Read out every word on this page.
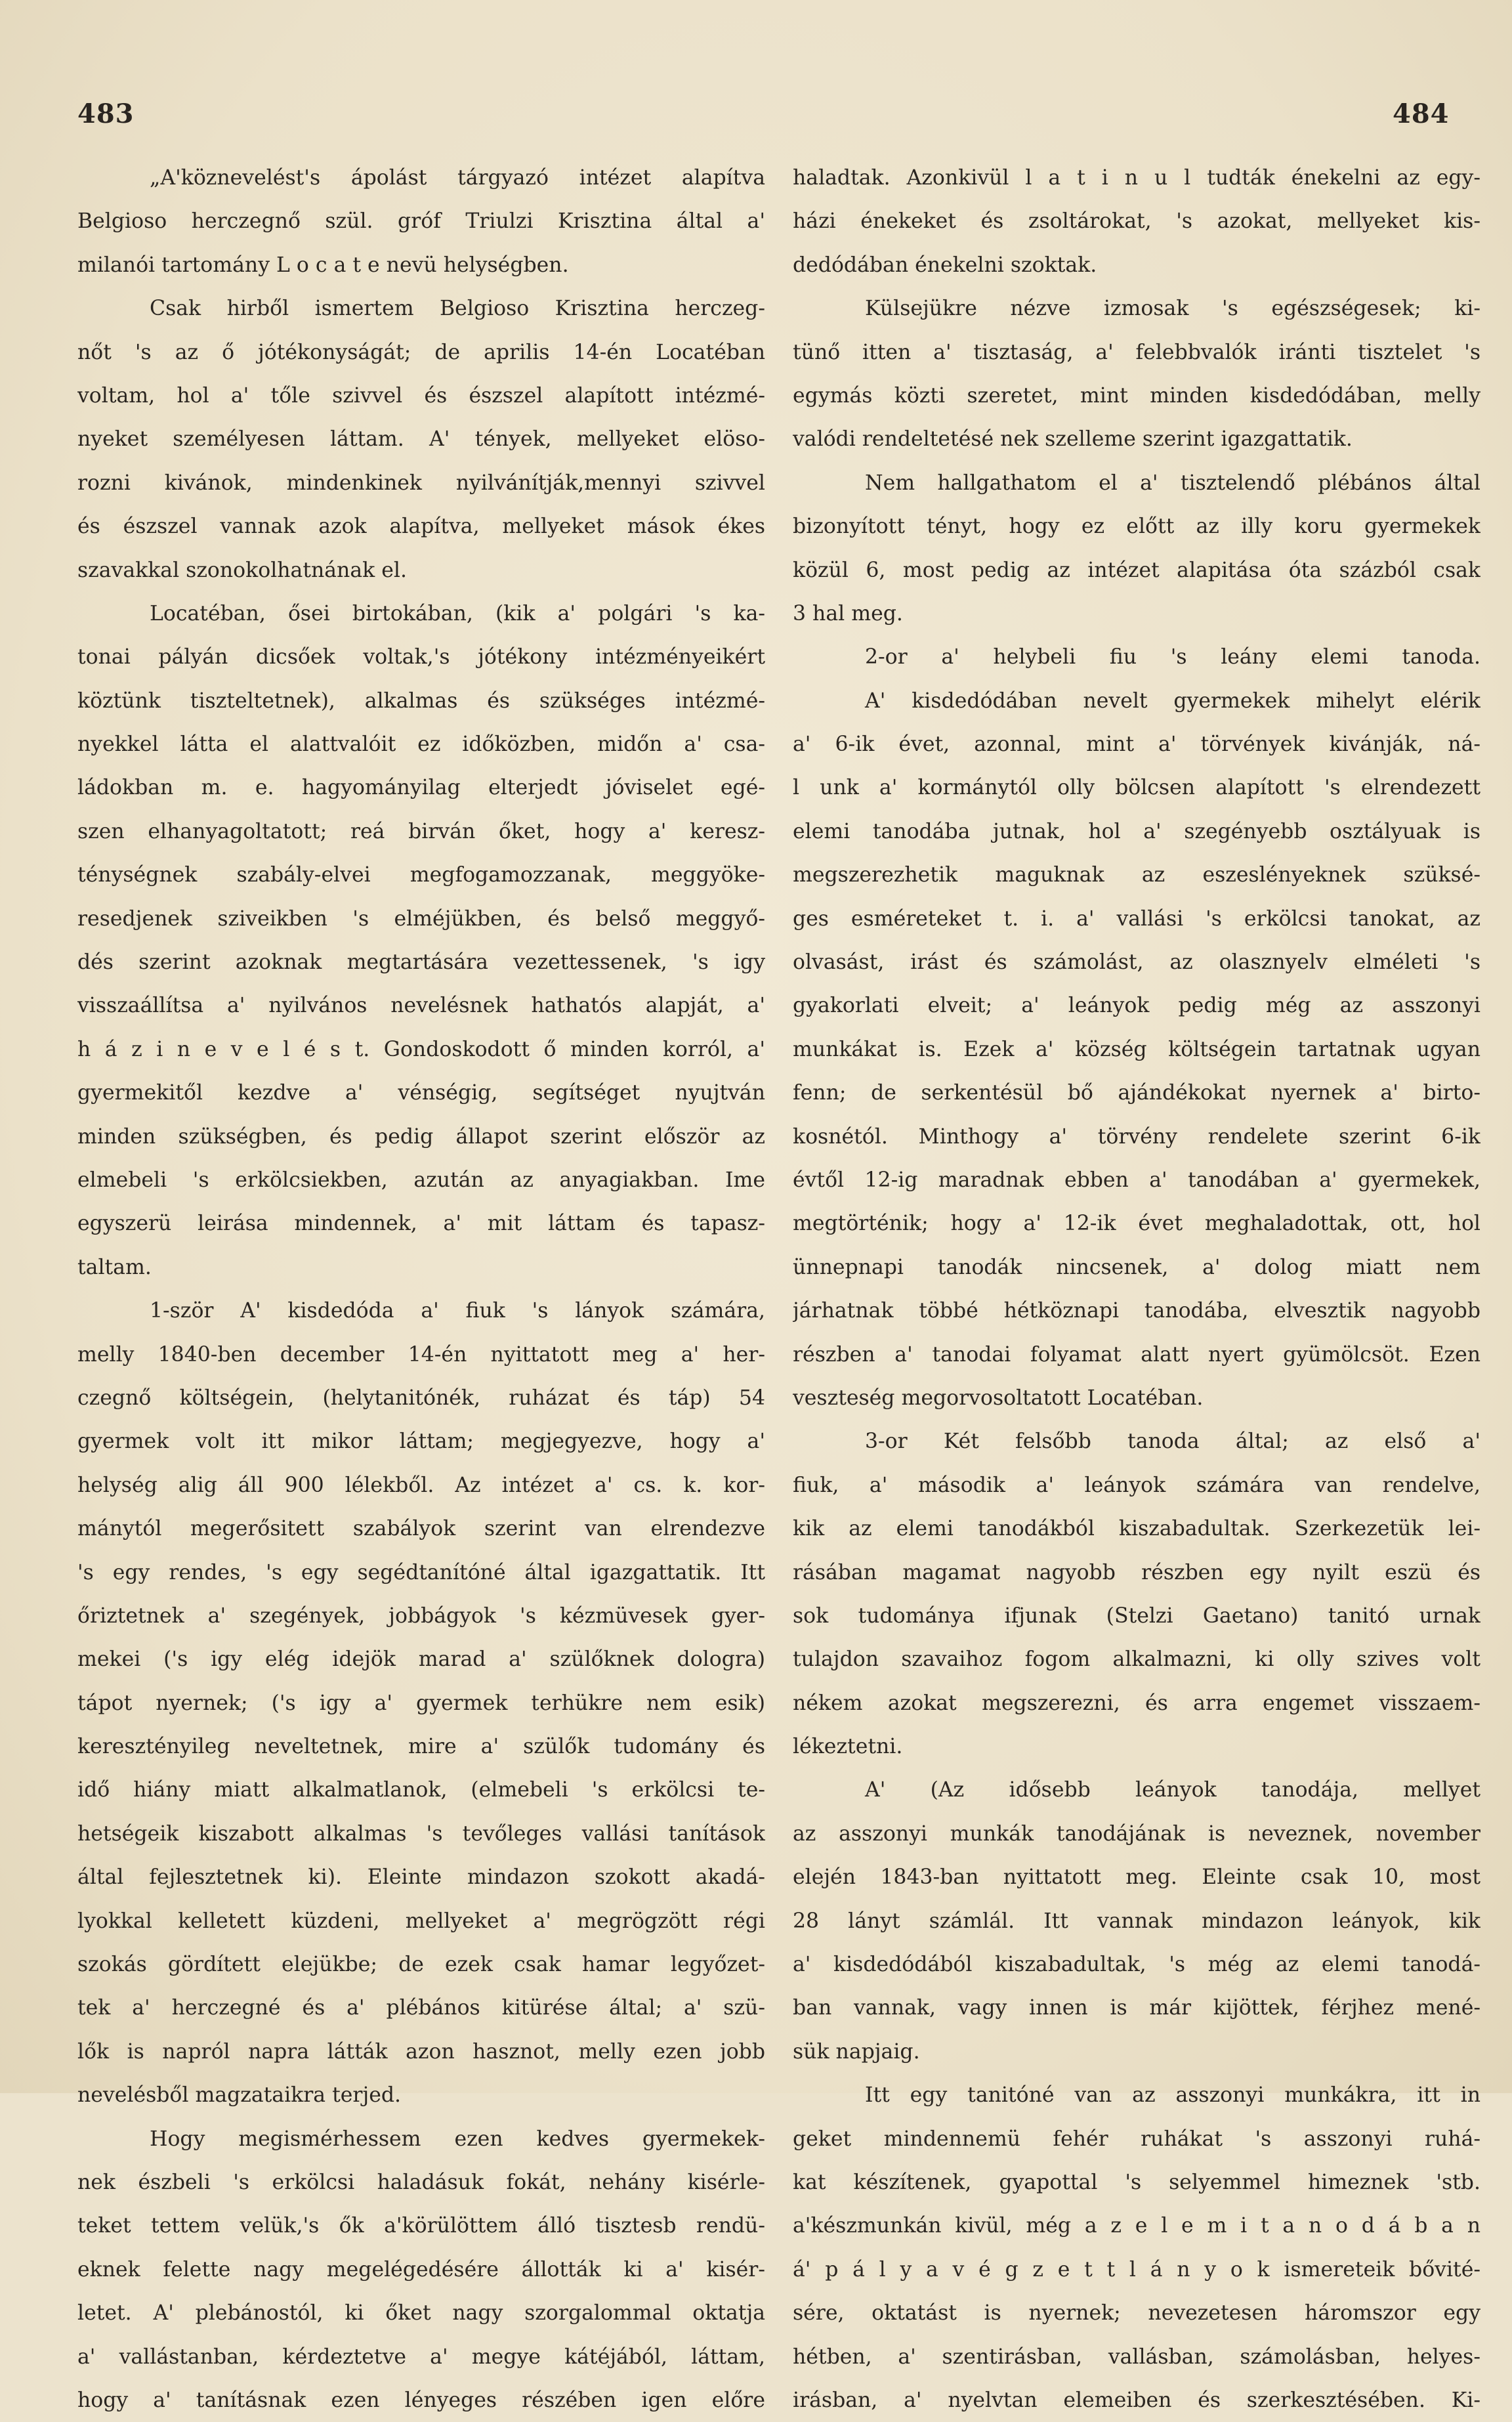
483	484
„A'köznevelést's ápolást tárgyazó intézet alapítva
Belgioso herczegnő szül. gróf Triulzi Krisztina által a'
milanói tartomány L o c a t e nevü helységben.
Csak hirből ismertem Belgioso Krisztina herczeg-
nőt 's az ő jótékonyságát; de aprilis 14-én Locatéban
voltam, hol a' tőle szivvel és észszel alapított intézmé-
nyeket személyesen láttam. A' tények, mellyeket elöso-
rozni kivánok, mindenkinek nyilvánítják,mennyi szivvel
és észszel vannak azok alapítva, mellyeket mások ékes
szavakkal szonokolhatnának el.
Locatéban, ősei birtokában, (kik a' polgári 's ka-
tonai pályán dicsőek voltak,'s jótékony intézményeikért
köztünk tiszteltetnek), alkalmas és szükséges intézmé-
nyekkel látta el alattvalóit ez időközben, midőn a' csa-
ládokban m. e. hagyományilag elterjedt jóviselet egé-
szen elhanyagoltatott; reá birván őket, hogy a' keresz-
ténységnek szabály-elvei megfogamozzanak, meggyöke-
resedjenek sziveikben 's elméjükben, és belső meggyő-
dés szerint azoknak megtartására vezettessenek, 's igy
visszaállítsa a' nyilvános nevelésnek hathatós alapját, a'
h á z i n e v e l é s t. Gondoskodott ő minden korról, a'
gyermekitől kezdve a' vénségig, segítséget nyujtván
minden szükségben, és pedig állapot szerint először az
elmebeli 's erkölcsiekben, azután az anyagiakban. Ime
egyszerü leirása mindennek, a' mit láttam és tapasz-
taltam.
1-ször A' kisdedóda a' fiuk 's lányok számára,
melly 1840-ben december 14-én nyittatott meg a' her-
czegnő költségein, (helytanitónék, ruházat és táp) 54
gyermek volt itt mikor láttam; megjegyezve, hogy a'
helység alig áll 900 lélekből. Az intézet a' cs. k. kor-
mánytól megerősitett szabályok szerint van elrendezve
's egy rendes, 's egy segédtanítóné által igazgattatik. Itt
őriztetnek a' szegények, jobbágyok 's kézmüvesek gyer-
mekei ('s igy elég idejök marad a' szülőknek dologra)
tápot nyernek; ('s igy a' gyermek terhükre nem esik)
keresztényileg neveltetnek, mire a' szülők tudomány és
idő hiány miatt alkalmatlanok, (elmebeli 's erkölcsi te-
hetségeik kiszabott alkalmas 's tevőleges vallási tanítások
által fejlesztetnek ki). Eleinte mindazon szokott akadá-
lyokkal kelletett küzdeni, mellyeket a' megrögzött régi
szokás gördített elejükbe; de ezek csak hamar legyőzet-
tek a' herczegné és a' plébános kitürése által; a' szü-
lők is napról napra látták azon hasznot, melly ezen jobb
nevelésből magzataikra terjed.
Hogy megismérhessem ezen kedves gyermekek-
nek észbeli 's erkölcsi haladásuk fokát, nehány kisérle-
teket tettem velük,'s ők a'körülöttem álló tisztesb rendü-
eknek felette nagy megelégedésére állották ki a' kisér-
letet. A' plebánostól, ki őket nagy szorgalommal oktatja
a' vallástanban, kérdeztetve a' megye kátéjából, láttam,
hogy a' tanításnak ezen lényeges részében igen előre
haladtak. Azonkivül l a t i n u l tudták énekelni az egy-
házi énekeket és zsoltárokat, 's azokat, mellyeket kis-
dedódában énekelni szoktak.
Külsejükre nézve izmosak 's egészségesek; ki-
tünő itten a' tisztaság, a' felebbvalók iránti tisztelet 's
egymás közti szeretet, mint minden kisdedódában, melly
valódi rendeltetésé nek szelleme szerint igazgattatik.
Nem hallgathatom el a' tisztelendő plébános által
bizonyított tényt, hogy ez előtt az illy koru gyermekek
közül 6, most pedig az intézet alapitása óta százból csak
3 hal meg.
2-or a' helybeli fiu 's leány elemi tanoda.
A' kisdedódában nevelt gyermekek mihelyt elérik
a' 6-ik évet, azonnal, mint a' törvények kivánják, ná-
l unk a' kormánytól olly bölcsen alapított 's elrendezett
elemi tanodába jutnak, hol a' szegényebb osztályuak is
megszerezhetik maguknak az eszeslényeknek szüksé-
ges esméreteket t. i. a' vallási 's erkölcsi tanokat, az
olvasást, irást és számolást, az olasznyelv elméleti 's
gyakorlati elveit; a' leányok pedig még az asszonyi
munkákat is. Ezek a' község költségein tartatnak ugyan
fenn; de serkentésül bő ajándékokat nyernek a' birto-
kosnétól. Minthogy a' törvény rendelete szerint 6-ik
évtől 12-ig maradnak ebben a' tanodában a' gyermekek,
megtörténik; hogy a' 12-ik évet meghaladottak, ott, hol
ünnepnapi tanodák nincsenek, a' dolog miatt nem
járhatnak többé hétköznapi tanodába, elvesztik nagyobb
részben a' tanodai folyamat alatt nyert gyümölcsöt. Ezen
veszteség megorvosoltatott Locatéban.
3-or Két felsőbb tanoda által; az első a'
fiuk, a' második a' leányok számára van rendelve,
kik az elemi tanodákból kiszabadultak. Szerkezetük lei-
rásában magamat nagyobb részben egy nyilt eszü és
sok tudománya ifjunak (Stelzi Gaetano) tanitó urnak
tulajdon szavaihoz fogom alkalmazni, ki olly szives volt
nékem azokat megszerezni, és arra engemet visszaem-
lékeztetni.
A' (Az idősebb leányok tanodája, mellyet
az asszonyi munkák tanodájának is neveznek, november
elején 1843-ban nyittatott meg. Eleinte csak 10, most
28 lányt számlál. Itt vannak mindazon leányok, kik
a' kisdedódából kiszabadultak, 's még az elemi tanodá-
ban vannak, vagy innen is már kijöttek, férjhez mené-
sük napjaig.
Itt egy tanitóné van az asszonyi munkákra, itt in
geket mindennemü fehér ruhákat 's asszonyi ruhá-
kat készítenek, gyapottal 's selyemmel himeznek 'stb.
a'készmunkán kivül, még a z e l e m i t a n o d á b a n
á' p á l y a v é g z e t t l á n y o k ismereteik bővité-
sére, oktatást is nyernek; nevezetesen háromszor egy
hétben, a' szentirásban, vallásban, számolásban, helyes-
irásban, a' nyelvtan elemeiben és szerkesztésében. Ki-
